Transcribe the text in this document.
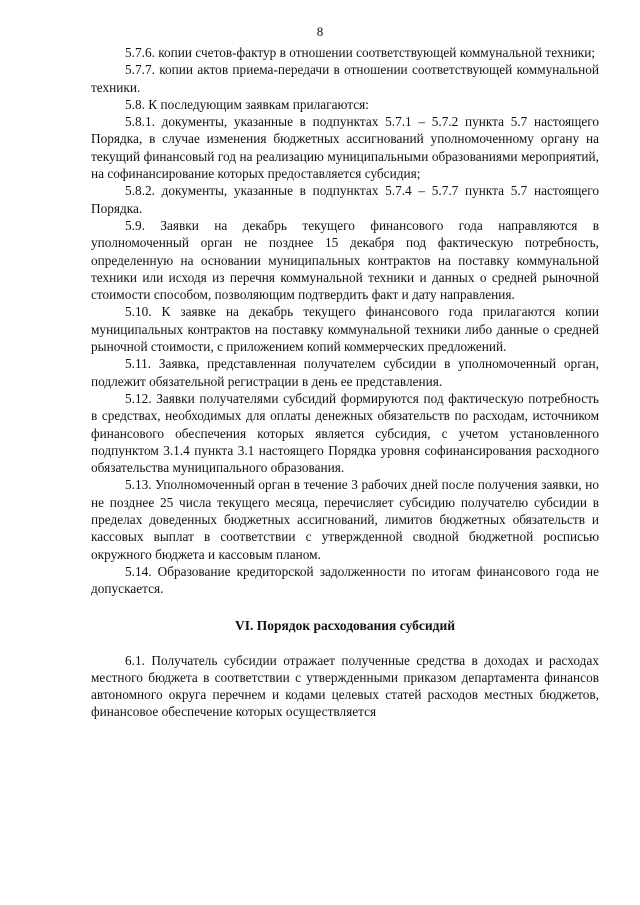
8

5.7.6. копии счетов-фактур в отношении соответствующей коммунальной техники;

5.7.7. копии актов приема-передачи в отношении соответствующей коммунальной техники.

5.8. К последующим заявкам прилагаются:

5.8.1. документы, указанные в подпунктах 5.7.1 – 5.7.2 пункта 5.7 настоящего Порядка, в случае изменения бюджетных ассигнований уполномоченному органу на текущий финансовый год на реализацию муниципальными образованиями мероприятий, на софинансирование которых предоставляется субсидия;

5.8.2. документы, указанные в подпунктах 5.7.4 – 5.7.7 пункта 5.7 настоящего Порядка.

5.9. Заявки на декабрь текущего финансового года направляются в уполномоченный орган не позднее 15 декабря под фактическую потребность, определенную на основании муниципальных контрактов на поставку коммунальной техники или исходя из перечня коммунальной техники и данных о средней рыночной стоимости способом, позволяющим подтвердить факт и дату направления.

5.10. К заявке на декабрь текущего финансового года прилагаются копии муниципальных контрактов на поставку коммунальной техники либо данные о средней рыночной стоимости, с приложением копий коммерческих предложений.

5.11. Заявка, представленная получателем субсидии в уполномоченный орган, подлежит обязательной регистрации в день ее представления.

5.12. Заявки получателями субсидий формируются под фактическую потребность в средствах, необходимых для оплаты денежных обязательств по расходам, источником финансового обеспечения которых является субсидия, с учетом установленного подпунктом 3.1.4 пункта 3.1 настоящего Порядка уровня софинансирования расходного обязательства муниципального образования.

5.13. Уполномоченный орган в течение 3 рабочих дней после получения заявки, но не позднее 25 числа текущего месяца, перечисляет субсидию получателю субсидии в пределах доведенных бюджетных ассигнований, лимитов бюджетных обязательств и кассовых выплат в соответствии с утвержденной сводной бюджетной росписью окружного бюджета и кассовым планом.

5.14. Образование кредиторской задолженности по итогам финансового года не допускается.

VI. Порядок расходования субсидий

6.1. Получатель субсидии отражает полученные средства в доходах и расходах местного бюджета в соответствии с утвержденными приказом департамента финансов автономного округа перечнем и кодами целевых статей расходов местных бюджетов, финансовое обеспечение которых осуществляется
